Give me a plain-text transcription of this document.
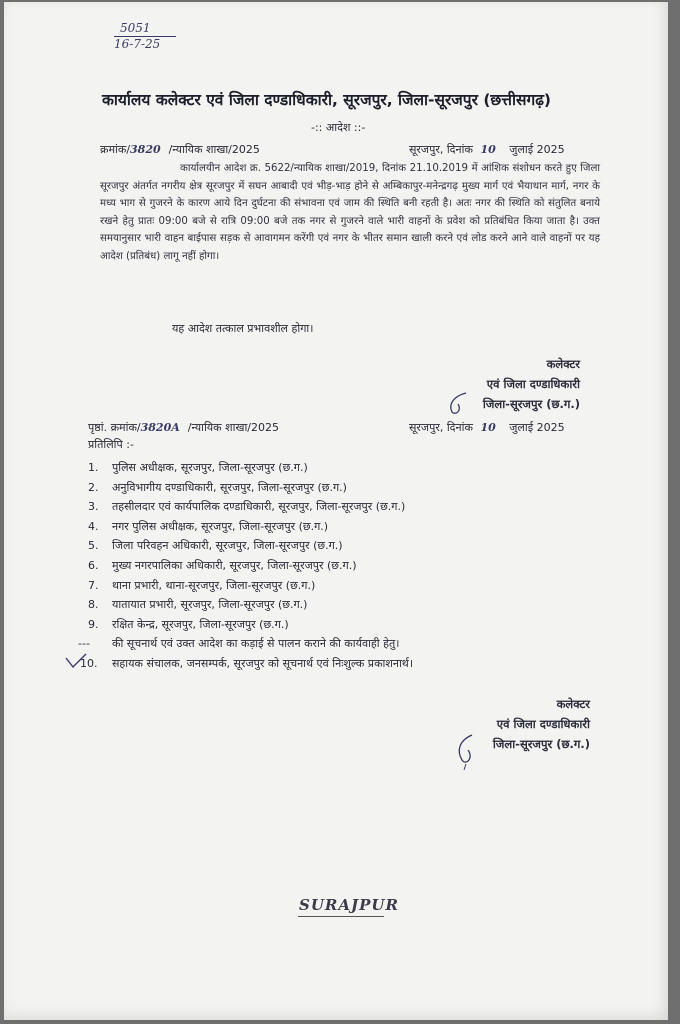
5051
16-7-25
कार्यालय कलेक्टर एवं जिला दण्डाधिकारी, सूरजपुर, जिला-सूरजपुर (छत्तीसगढ़)
-:: आदेश ::-
क्रमांक/3820 /न्यायिक शाखा/2025	सूरजपुर, दिनांक 10 जुलाई 2025
कार्यालयीन आदेश क्र. 5622/न्यायिक शाखा/2019, दिनांक 21.10.2019 में आंशिक संशोधन करते हुए जिला सूरजपुर अंतर्गत नगरीय क्षेत्र सूरजपुर में सघन आबादी एवं भीड़-भाड़ होने से अम्बिकापुर-मनेन्द्रगढ़ मुख्य मार्ग एवं भैयाथान मार्ग, नगर के मध्य भाग से गुजरने के कारण आये दिन दुर्घटना की संभावना एवं जाम की स्थिति बनी रहती है। अतः नगर की स्थिति को संतुलित बनाये रखने हेतु प्रातः 09:00 बजे से रात्रि 09:00 बजे तक नगर से गुजरने वाले भारी वाहनों के प्रवेश को प्रतिबंधित किया जाता है। उक्त समयानुसार भारी वाहन बाईपास सड़क से आवागमन करेंगी एवं नगर के भीतर समान खाली करने एवं लोड करने आने वाले वाहनों पर यह आदेश (प्रतिबंध) लागू नहीं होगा।
यह आदेश तत्काल प्रभावशील होगा।
कलेक्टर
एवं जिला दण्डाधिकारी
जिला-सूरजपुर (छ.ग.)
पृष्ठां. क्रमांक/3820A /न्यायिक शाखा/2025	सूरजपुर, दिनांक 10 जुलाई 2025
प्रतिलिपि :-
1.	पुलिस अधीक्षक, सूरजपुर, जिला-सूरजपुर (छ.ग.)
2.	अनुविभागीय दण्डाधिकारी, सूरजपुर, जिला-सूरजपुर (छ.ग.)
3.	तहसीलदार एवं कार्यपालिक दण्डाधिकारी, सूरजपुर, जिला-सूरजपुर (छ.ग.)
4.	नगर पुलिस अधीक्षक, सूरजपुर, जिला-सूरजपुर (छ.ग.)
5.	जिला परिवहन अधिकारी, सूरजपुर, जिला-सूरजपुर (छ.ग.)
6.	मुख्य नगरपालिका अधिकारी, सूरजपुर, जिला-सूरजपुर (छ.ग.)
7.	थाना प्रभारी, थाना-सूरजपुर, जिला-सूरजपुर (छ.ग.)
8.	यातायात प्रभारी, सूरजपुर, जिला-सूरजपुर (छ.ग.)
9.	रक्षित केन्द्र, सूरजपुर, जिला-सूरजपुर (छ.ग.)
---	की सूचनार्थ एवं उक्त आदेश का कड़ाई से पालन कराने की कार्यवाही हेतु।
10.	सहायक संचालक, जनसम्पर्क, सूरजपुर को सूचनार्थ एवं निःशुल्क प्रकाशनार्थ।
कलेक्टर
एवं जिला दण्डाधिकारी
जिला-सूरजपुर (छ.ग.)
SURAJPUR
